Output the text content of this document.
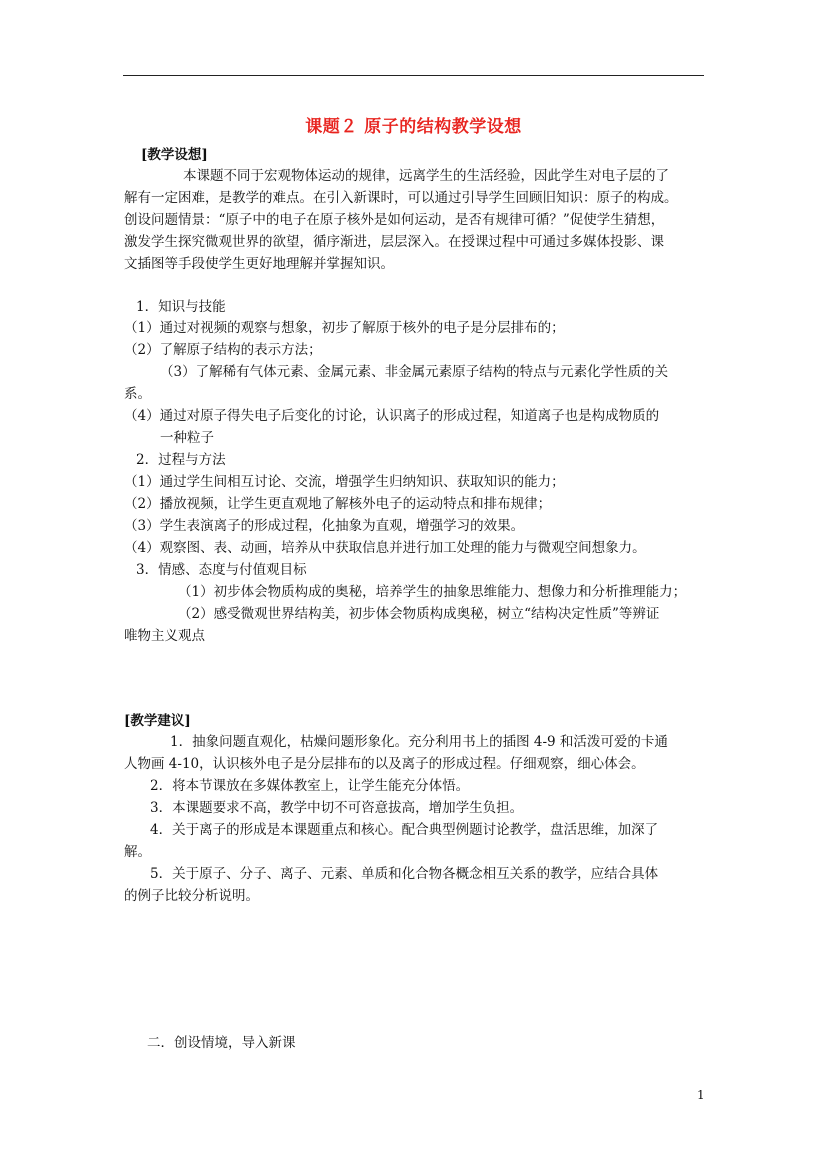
课题２ 原子的结构教学设想
[教学设想]
本课题不同于宏观物体运动的规律，远离学生的生活经验，因此学生对电子层的了
解有一定困难，是教学的难点。在引入新课时，可以通过引导学生回顾旧知识：原子的构成。
创设问题情景：“原子中的电子在原子核外是如何运动，是否有规律可循？”促使学生猜想，
激发学生探究微观世界的欲望，循序渐进，层层深入。在授课过程中可通过多媒体投影、课
文插图等手段使学生更好地理解并掌握知识。
1．知识与技能
（1）通过对视频的观察与想象，初步了解原于核外的电子是分层排布的；
（2）了解原子结构的表示方法；
（3）了解稀有气体元素、金属元素、非金属元素原子结构的特点与元素化学性质的关
系。
（4）通过对原子得失电子后变化的讨论，认识离子的形成过程，知道离子也是构成物质的
一种粒子
2．过程与方法
（1）通过学生间相互讨论、交流，增强学生归纳知识、获取知识的能力；
（2）播放视频，让学生更直观地了解核外电子的运动特点和排布规律；
（3）学生表演离子的形成过程，化抽象为直观，增强学习的效果。
（4）观察图、表、动画，培养从中获取信息并进行加工处理的能力与微观空间想象力。
3．情感、态度与付值观目标
（1）初步体会物质构成的奥秘，培养学生的抽象思维能力、想像力和分析推理能力；
（2）感受微观世界结构美，初步体会物质构成奥秘，树立“结构决定性质”等辨证
唯物主义观点
[教学建议]
1．抽象问题直观化，枯燥问题形象化。充分利用书上的插图 4-9 和活泼可爱的卡通
人物画 4-10，认识核外电子是分层排布的以及离子的形成过程。仔细观察，细心体会。
2．将本节课放在多媒体教室上，让学生能充分体悟。
3．本课题要求不高，教学中切不可咨意拔高，增加学生负担。
4．关于离子的形成是本课题重点和核心。配合典型例题讨论教学，盘活思维，加深了
解。
5．关于原子、分子、离子、元素、单质和化合物各概念相互关系的教学，应结合具体
的例子比较分析说明。
二．创设情境，导入新课
1
